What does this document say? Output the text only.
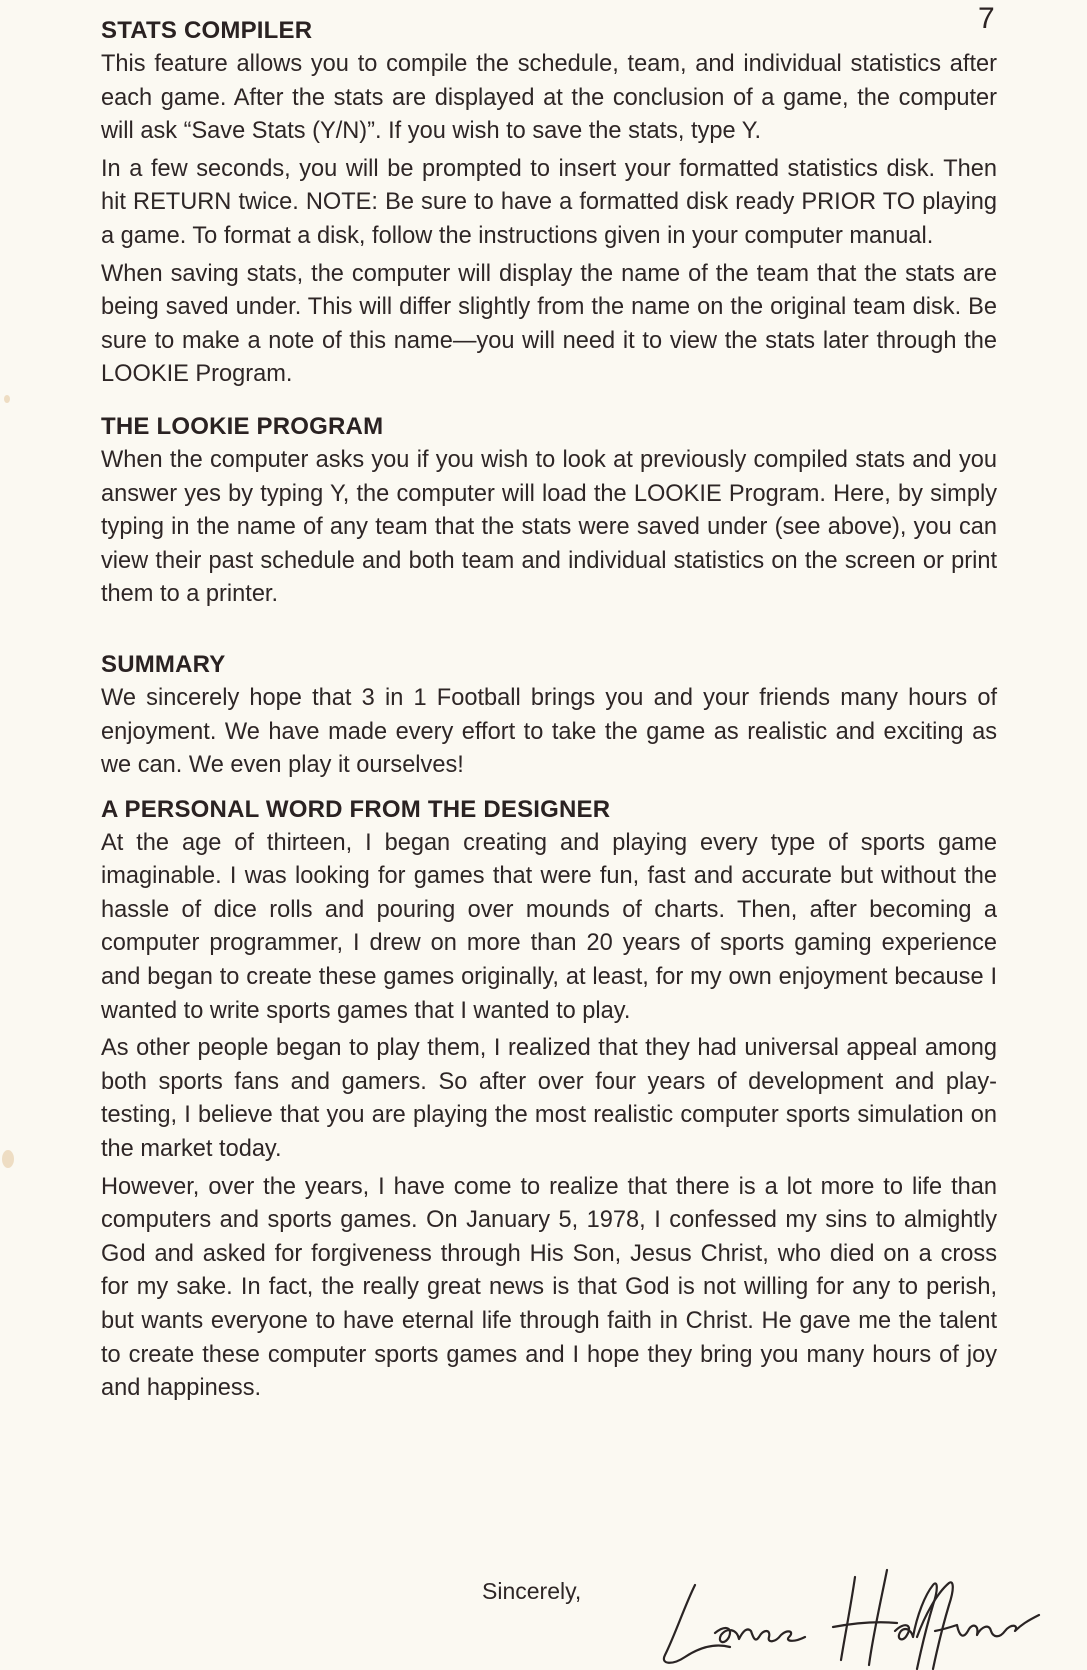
7
STATS COMPILER

This feature allows you to compile the schedule, team, and individual statistics after each game. After the stats are displayed at the conclusion of a game, the computer will ask “Save Stats (Y/N)”. If you wish to save the stats, type Y.

In a few seconds, you will be prompted to insert your formatted statistics disk. Then hit RETURN twice. NOTE: Be sure to have a formatted disk ready PRIOR TO playing a game. To format a disk, follow the instructions given in your computer manual.

When saving stats, the computer will display the name of the team that the stats are being saved under. This will differ slightly from the name on the original team disk. Be sure to make a note of this name—you will need it to view the stats later through the LOOKIE Program.

THE LOOKIE PROGRAM

When the computer asks you if you wish to look at previously compiled stats and you answer yes by typing Y, the computer will load the LOOKIE Program. Here, by simply typing in the name of any team that the stats were saved under (see above), you can view their past schedule and both team and individual statistics on the screen or print them to a printer.

SUMMARY

We sincerely hope that 3 in 1 Football brings you and your friends many hours of enjoyment. We have made every effort to take the game as realistic and exciting as we can. We even play it ourselves!

A PERSONAL WORD FROM THE DESIGNER

At the age of thirteen, I began creating and playing every type of sports game imaginable. I was looking for games that were fun, fast and accurate but without the hassle of dice rolls and pouring over mounds of charts. Then, after becoming a computer programmer, I drew on more than 20 years of sports gaming experience and began to create these games originally, at least, for my own enjoyment because I wanted to write sports games that I wanted to play.

As other people began to play them, I realized that they had universal appeal among both sports fans and gamers. So after over four years of development and play-testing, I believe that you are playing the most realistic computer sports simulation on the market today.

However, over the years, I have come to realize that there is a lot more to life than computers and sports games. On January 5, 1978, I confessed my sins to almightly God and asked for forgiveness through His Son, Jesus Christ, who died on a cross for my sake. In fact, the really great news is that God is not willing for any to perish, but wants everyone to have eternal life through faith in Christ. He gave me the talent to create these computer sports games and I hope they bring you many hours of joy and happiness.

Sincerely,
